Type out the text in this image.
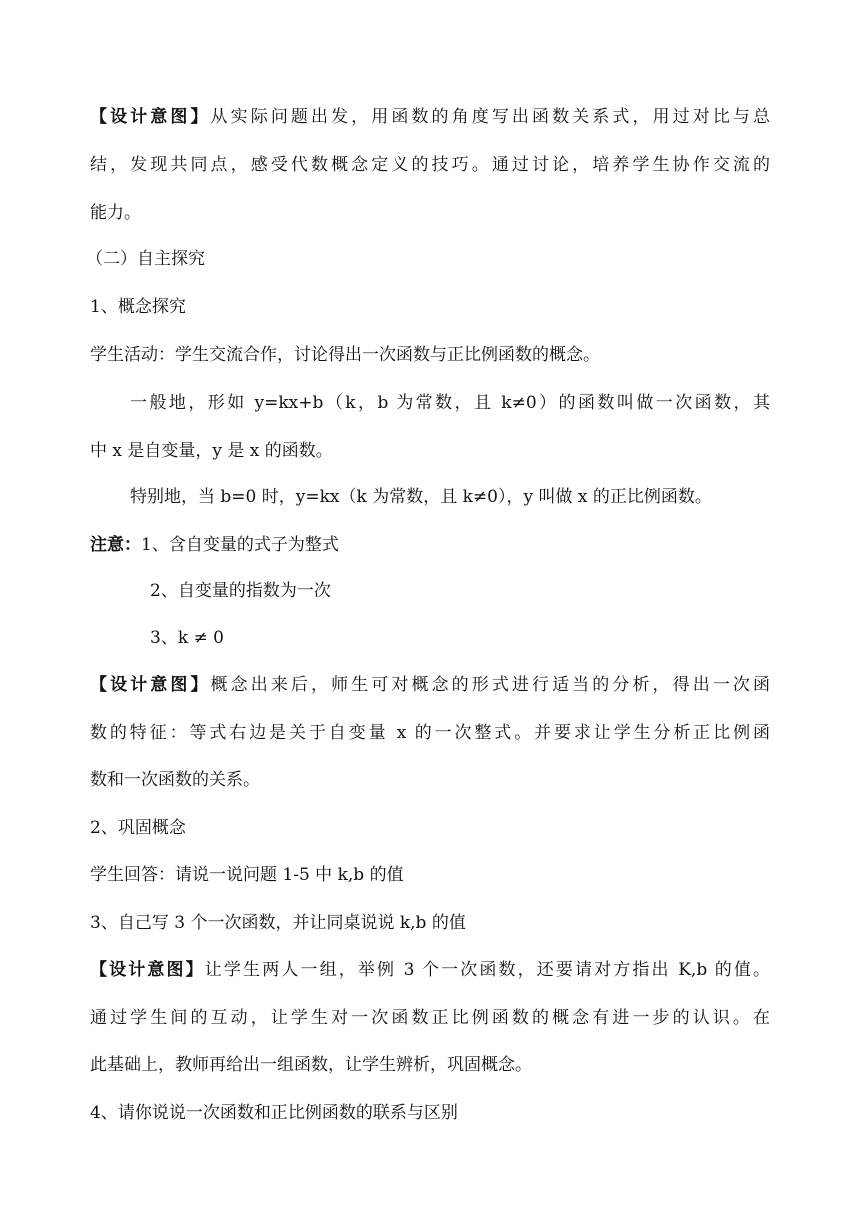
【设计意图】从实际问题出发，用函数的角度写出函数关系式，用过对比与总
结，发现共同点，感受代数概念定义的技巧。通过讨论，培养学生协作交流的
能力。
（二）自主探究
1、概念探究
学生活动：学生交流合作，讨论得出一次函数与正比例函数的概念。
一般地，形如 y=kx+b（k，b 为常数，且 k≠0）的函数叫做一次函数，其
中 x 是自变量，y 是 x 的函数。
特别地，当 b=0 时，y=kx（k 为常数，且 k≠0），y 叫做 x 的正比例函数。
注意：1、含自变量的式子为整式
2、自变量的指数为一次
3、k ≠ 0
【设计意图】概念出来后，师生可对概念的形式进行适当的分析，得出一次函
数的特征：等式右边是关于自变量 x 的一次整式。并要求让学生分析正比例函
数和一次函数的关系。
2、巩固概念
学生回答：请说一说问题 1-5 中 k,b 的值
3、自己写 3 个一次函数，并让同桌说说 k,b 的值
【设计意图】让学生两人一组，举例 3 个一次函数，还要请对方指出 K,b 的值。
通过学生间的互动，让学生对一次函数正比例函数的概念有进一步的认识。在
此基础上，教师再给出一组函数，让学生辨析，巩固概念。
4、请你说说一次函数和正比例函数的联系与区别
